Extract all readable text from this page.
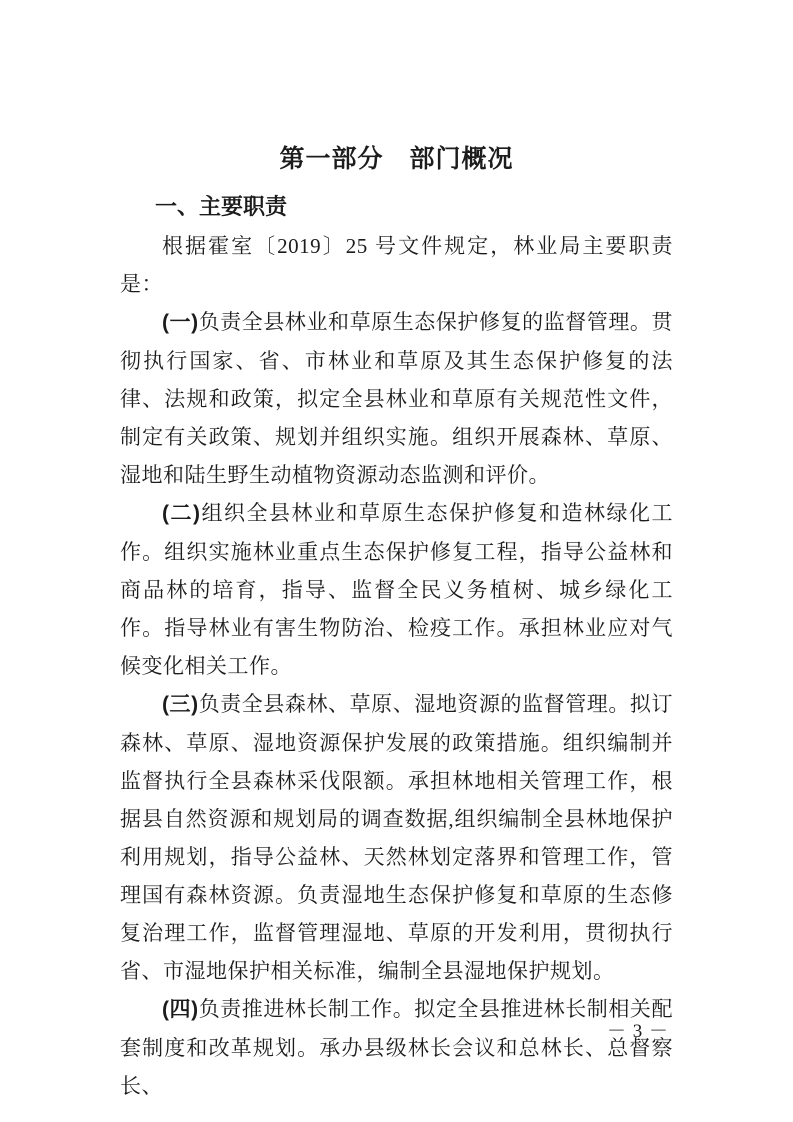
第一部分　部门概况
一、主要职责

根据霍室〔2019〕25 号文件规定，林业局主要职责是：

(一)负责全县林业和草原生态保护修复的监督管理。贯彻执行国家、省、市林业和草原及其生态保护修复的法律、法规和政策，拟定全县林业和草原有关规范性文件，制定有关政策、规划并组织实施。组织开展森林、草原、湿地和陆生野生动植物资源动态监测和评价。

(二)组织全县林业和草原生态保护修复和造林绿化工作。组织实施林业重点生态保护修复工程，指导公益林和商品林的培育，指导、监督全民义务植树、城乡绿化工作。指导林业有害生物防治、检疫工作。承担林业应对气候变化相关工作。

(三)负责全县森林、草原、湿地资源的监督管理。拟订森林、草原、湿地资源保护发展的政策措施。组织编制并监督执行全县森林采伐限额。承担林地相关管理工作，根据县自然资源和规划局的调查数据,组织编制全县林地保护利用规划，指导公益林、天然林划定落界和管理工作，管理国有森林资源。负责湿地生态保护修复和草原的生态修复治理工作，监督管理湿地、草原的开发利用，贯彻执行省、市湿地保护相关标准，编制全县湿地保护规划。

(四)负责推进林长制工作。拟定全县推进林长制相关配套制度和改革规划。承办县级林长会议和总林长、总督察长、

－ 3 －
